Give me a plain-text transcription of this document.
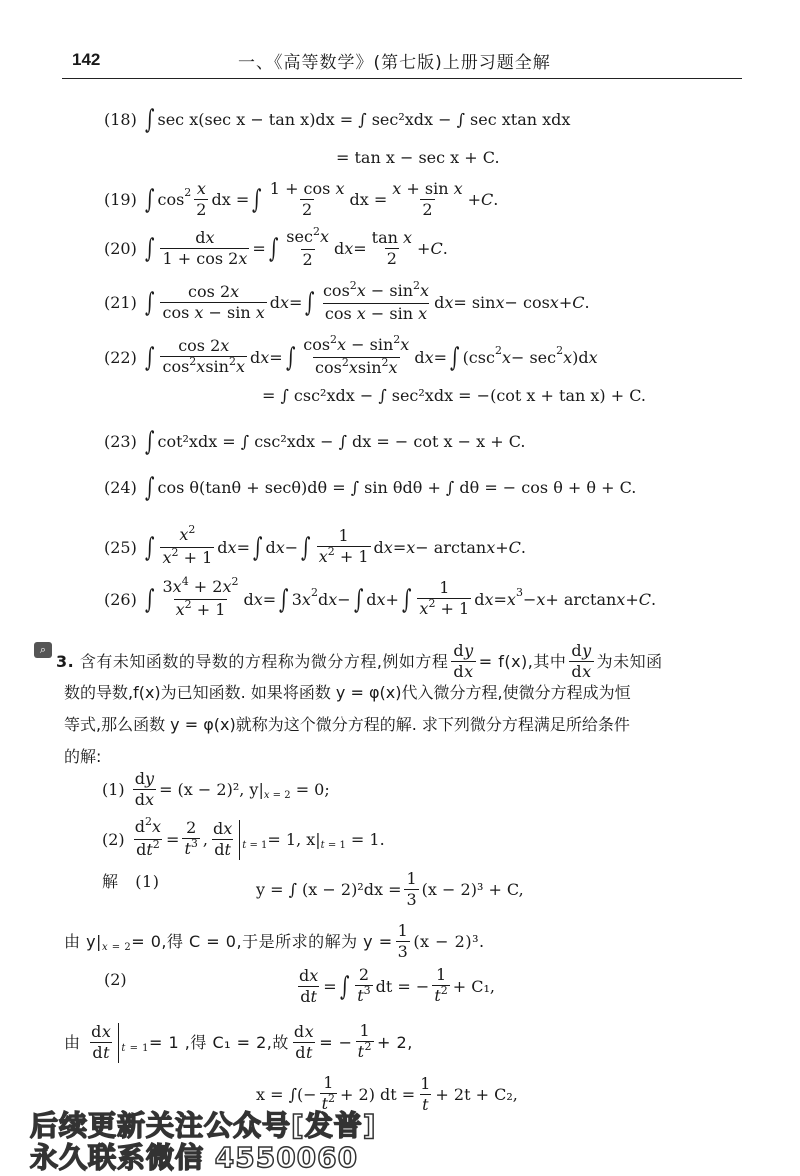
142	一、《高等数学》(第七版)上册习题全解
(18)
∫ sec x(sec x − tan x)dx = ∫ sec²xdx − ∫ sec xtan xdx
= tan x − sec x + C.
(19)
∫ $\cos 2 \frac{x}{2}$ dx = ∫ $\frac{\text{1 + cos x}}{2}$ dx = $\frac{\text{x + sin x}}{2} + C$ .
(20)
∫ $\frac{dx}{1 + \cos 2x}$ = ∫ $\frac{\sec^2x}{2}$ d $x = \frac{\text{tan x}}{2} + C$ .
(21)
∫ $\frac{\cos 2x}{\text{cos x − sin x}}$ d x = ∫ $\frac{\cos^2x - \sin^2x}{\text{cos x − sin x}}$ d x = sin x − cos x + C .
(22)
∫ $\frac{\cos 2x}{\cos^2xsin^2x}$ d x = ∫ $\frac{\cos^2x - \sin^2x}{\cos^2xsin^2x}$ d x = ∫ (csc 2 x − sec 2 x )d x
= ∫ csc²xdx − ∫ sec²xdx = −(cot x + tan x) + C.
(23)
∫ cot²xdx = ∫ csc²xdx − ∫ dx = − cot x − x + C.
(24)
∫ cos θ(tanθ + secθ)dθ = ∫ sin θdθ + ∫ dθ = − cos θ + θ + C.
(25)
∫ $\frac{x^2}{x^2 + 1}$ d x = ∫ d x − ∫ $\frac{1}{x^2 + 1}$ d x = x − arctan x + C .
(26)
∫ $\frac{3x^4 + 2x^2}{x^2 + 1}$ d x = ∫ 3 x 2 d x − ∫ d x + ∫ $\frac{1}{x^2 + 1}$ d x = x 3 − x + arctan x + C .
⌕
3.
含有未知函数的导数的方程称为微分方程,例如方程 $\frac{dy}{dx} = f(x)$,其中 $\frac{dy}{dx}$ 为未知函
数的导数,f(x)为已知函数. 如果将函数 y = φ(x)代入微分方程,使微分方程成为恒
等式,那么函数 y = φ(x)就称为这个微分方程的解. 求下列微分方程满足所给条件
的解:
(1)
$\frac{dy}{dx} = (x - 2)^2$, y| x = 2
= 0;
(2)
$\frac{d^2x}{dt^2} = \frac{2}{t^3}$ , $\frac{dx}{dt}$ t = 1 = 1, x| t = 1
= 1.
解
(1)	y = ∫ $(x - 2)^2dx = \frac{1}{3} (x - 2)^3 + C$,
由 y| x = 2 = 0,得 C = 0,于是所求的解为 $y = \frac{1}{3} (x - 2)^3$.
(2)	$\frac{dx}{dt}$ = ∫ $\frac{2}{t^3}$ dt = − $\frac{1}{t^2} + C_1$,
由
$\frac{dx}{dt}$ t = 1 = 1 ,得 C₁ = 2,故 $\frac{dx}{dt}$ = − $\frac{1}{t^2} + 2$,
x = ∫(− $\frac{1}{t^2} + 2$) dt = $\frac{1}{t} + 2t + C_2$,
后续更新关注公众号[发普]
永久联系微信 4550060
